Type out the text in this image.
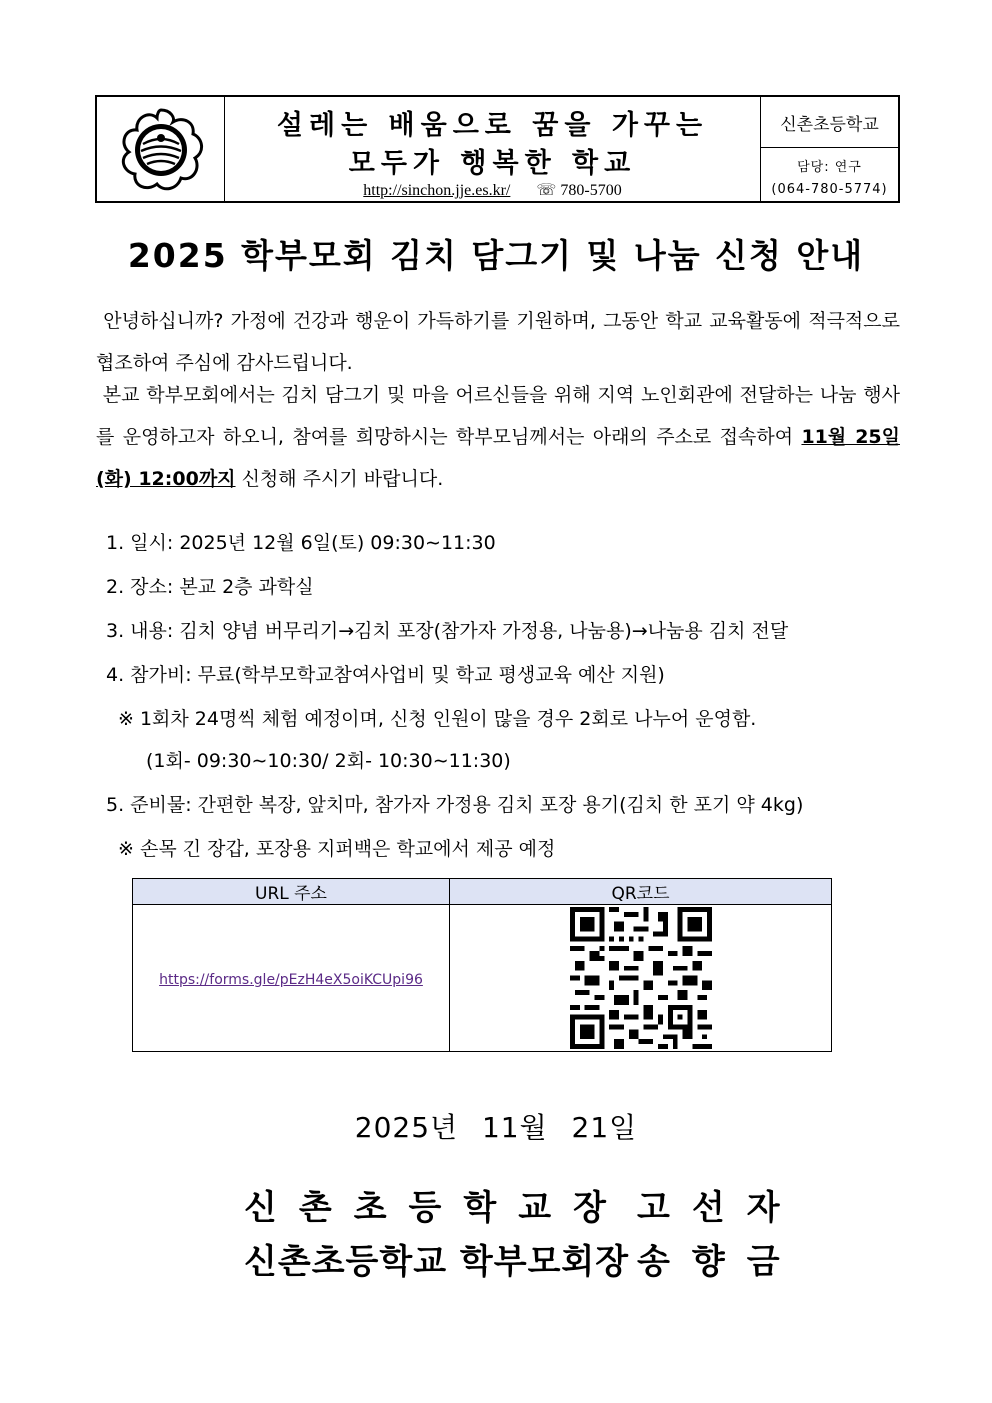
설레는 배움으로 꿈을 가꾸는
모두가 행복한 학교
http://sinchon.jje.es.kr/ ☏ 780-5700
신촌초등학교
담당: 연구
(064-780-5774)
2025 학부모회 김치 담그기 및 나눔 신청 안내
안녕하십니까? 가정에 건강과 행운이 가득하기를 기원하며, 그동안 학교 교육활동에 적극적으로 협조하여 주심에 감사드립니다.
본교 학부모회에서는 김치 담그기 및 마을 어르신들을 위해 지역 노인회관에 전달하는 나눔 행사를 운영하고자 하오니, 참여를 희망하시는 학부모님께서는 아래의 주소로 접속하여 11월 25일(화) 12:00까지 신청해 주시기 바랍니다.
1. 일시: 2025년 12월 6일(토) 09:30∼11:30
2. 장소: 본교 2층 과학실
3. 내용: 김치 양념 버무리기→김치 포장(참가자 가정용, 나눔용)→나눔용 김치 전달
4. 참가비: 무료(학부모학교참여사업비 및 학교 평생교육 예산 지원)
※ 1회차 24명씩 체험 예정이며, 신청 인원이 많을 경우 2회로 나누어 운영함.
(1회- 09:30∼10:30/ 2회- 10:30∼11:30)
5. 준비물: 간편한 복장, 앞치마, 참가자 가정용 김치 포장 용기(김치 한 포기 약 4kg)
※ 손목 긴 장갑, 포장용 지퍼백은 학교에서 제공 예정
URL 주소	QR코드
https://forms.gle/pEzH4eX5oiKCUpi96	
2025년 11월 21일
신촌초등학교장 고선자
신촌초등학교 학부모회장 송향금
